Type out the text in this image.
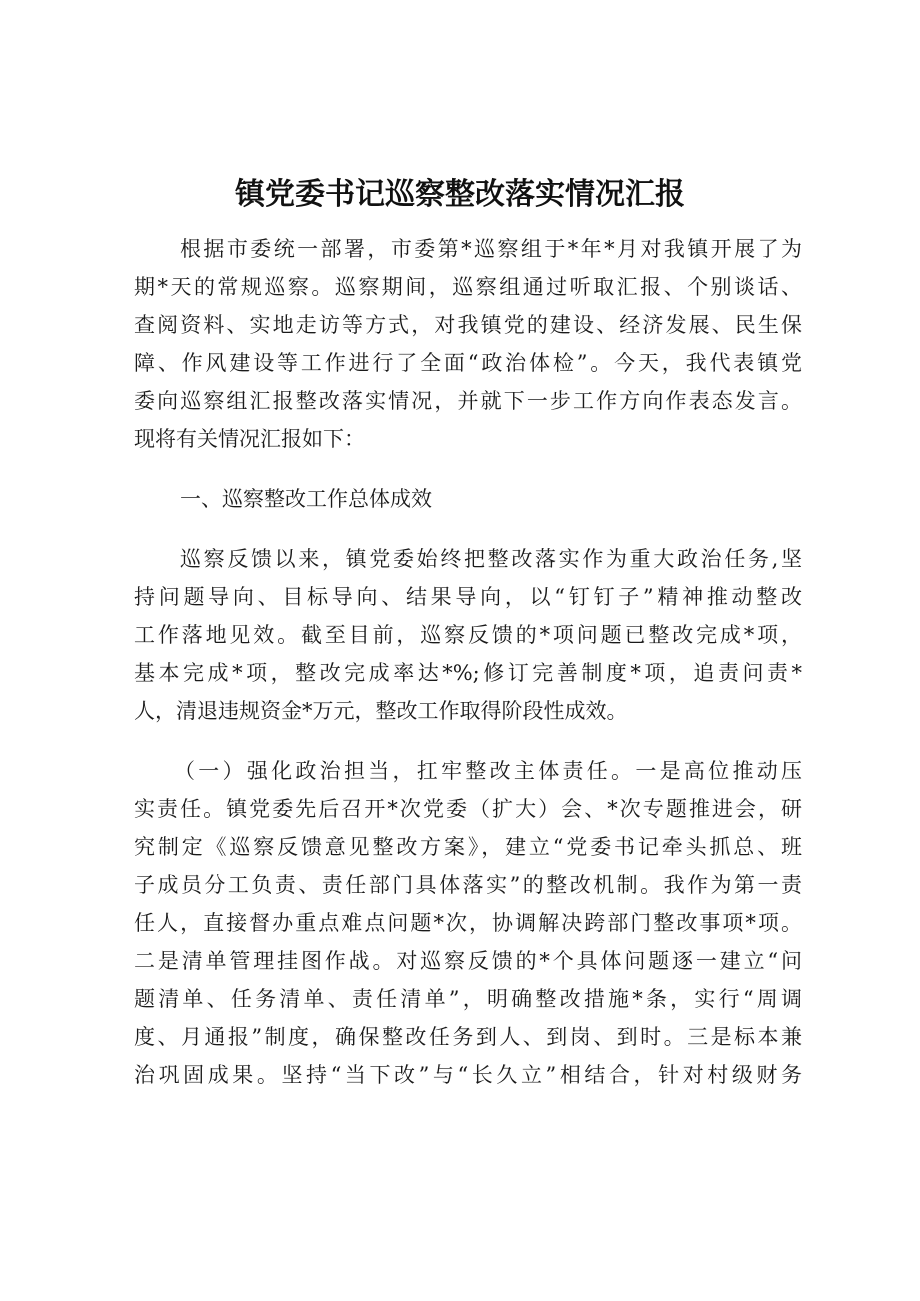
镇党委书记巡察整改落实情况汇报
根据市委统一部署，市委第*巡察组于*年*月对我镇开展了为
期*天的常规巡察。巡察期间，巡察组通过听取汇报、个别谈话、
查阅资料、实地走访等方式，对我镇党的建设、经济发展、民生保
障、作风建设等工作进行了全面“政治体检”。今天，我代表镇党
委向巡察组汇报整改落实情况，并就下一步工作方向作表态发言。
现将有关情况汇报如下：
一、巡察整改工作总体成效
巡察反馈以来，镇党委始终把整改落实作为重大政治任务,坚
持问题导向、目标导向、结果导向，以“钉钉子”精神推动整改
工作落地见效。截至目前，巡察反馈的*项问题已整改完成*项，
基本完成*项，整改完成率达*%;修订完善制度*项，追责问责*
人，清退违规资金*万元，整改工作取得阶段性成效。
（一）强化政治担当，扛牢整改主体责任。一是高位推动压
实责任。镇党委先后召开*次党委（扩大）会、*次专题推进会，研
究制定《巡察反馈意见整改方案》，建立“党委书记牵头抓总、班
子成员分工负责、责任部门具体落实”的整改机制。我作为第一责
任人，直接督办重点难点问题*次，协调解决跨部门整改事项*项。
二是清单管理挂图作战。对巡察反馈的*个具体问题逐一建立“问
题清单、任务清单、责任清单”，明确整改措施*条，实行“周调
度、月通报”制度，确保整改任务到人、到岗、到时。三是标本兼
治巩固成果。坚持“当下改”与“长久立”相结合，针对村级财务
